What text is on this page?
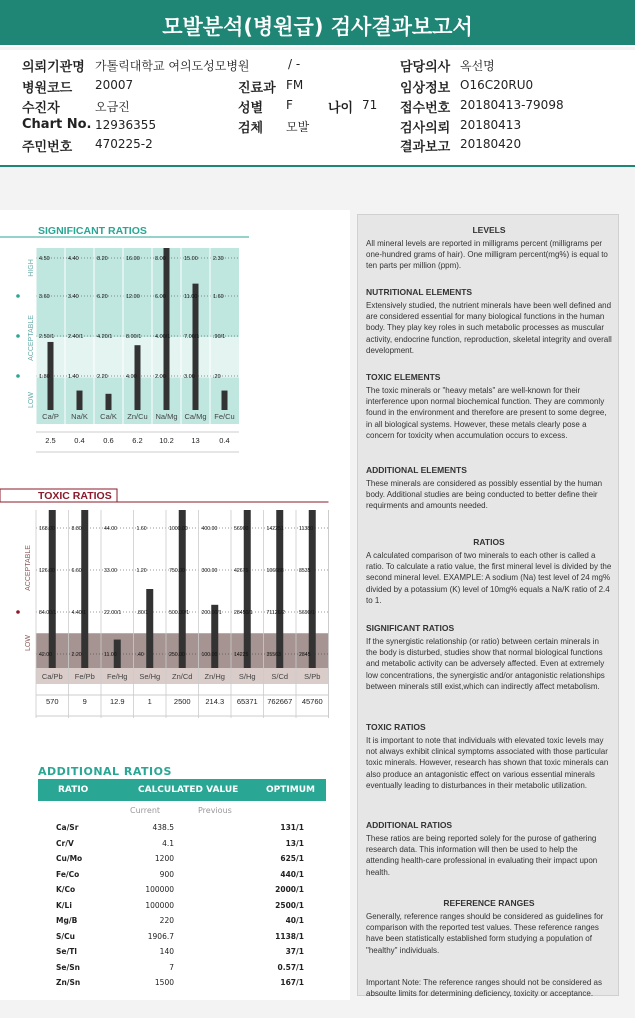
모발분석(병원급) 검사결과보고서
의뢰기관명 가톨릭대학교 여의도성모병원	/ -	담당의사 옥선명
병원코드 20007	진료과 FM	임상정보 O16C20RU0
수진자	오금진	성별 F	나이 71 접수번호 20180413-79098
Chart No. 12936355	검체 모발	검사의뢰 20180413
주민번호 470225-2	결과보고 20180420
SIGNIFICANT RATIOS
HIGH
ACCEPTABLE
LOW
4.50
3.60
2.50/1
1.80
Ca/P
2.5
4.40
3.40
2.40/1
1.40
Na/K
0.4
8.20
6.20
4.20/1
2.20
Ca/K
0.6
16.00
12.00
8.00/1
4.00
Zn/Cu
6.2
8.00
6.00
4.00/1
2.00
Na/Mg
10.2
15.00
11.00
7.00/1
3.00
Ca/Mg
13
2.30
1.60
.90/1
.20
Fe/Cu
0.4
TOXIC RATIOS
ACCEPTABLE
LOW
168.00
126.00
84.00/1
42.00
Ca/Pb
570
8.80
6.60
4.40/1
2.20
Fe/Pb
9
44.00
33.00
22.00/1
11.00
Fe/Hg
12.9
1.60
1.20
.80/1
.40
Se/Hg
1
1000.00
750.00
500.00/1
250.00
Zn/Cd
2500
400.00
300.00
200.00/1
100.00
Zn/Hg
214.3
56900
42675
28450/1
14225
S/Hg
65371
142251
106688
71126/2
35563
S/Cd
762667
11380
8535
5690/1
2845
S/Pb
45760
RATIO	CALCULATED VALUE	OPTIMUM
Current	Previous
Ca/Sr	438.5	131/1
Cr/V	4.1	13/1
Cu/Mo	1200	625/1
Fe/Co	900	440/1
K/Co	100000	2000/1
K/Li	100000	2500/1
Mg/B	220	40/1
S/Cu	1906.7	1138/1
Se/Tl	140	37/1
Se/Sn	7	0.57/1
Zn/Sn	1500	167/1
ADDITIONAL RATIOS
LEVELS
All mineral levels are reported in milligrams percent (milligrams per one-hundred grams of hair). One milligram percent(mg%) is equal to ten parts per million (ppm).
NUTRITIONAL ELEMENTS
Extensively studied, the nutrient minerals have been well defined and are considered essential for many biological functions in the human body. They play key roles in such metabolic processes as muscular activity, endocrine function, reproduction, skeletal integrity and overall development.
TOXIC ELEMENTS
The toxic minerals or "heavy metals" are well-known for their interference upon normal biochemical function. They are commonly found in the environment and therefore are present to some degree, in all biological systems. However, these metals clearly pose a concern for toxicity when accumulation occurs to excess.
ADDITIONAL ELEMENTS
These minerals are considered as possibly essential by the human body. Additional studies are being conducted to better define their requirments and amounts needed.
RATIOS
A calculated comparison of two minerals to each other is called a ratio. To calculate a ratio value, the first mineral level is divided by the second mineral level. EXAMPLE: A sodium (Na) test level of 24 mg% divided by a potassium (K) level of 10mg% equals a Na/K ratio of 2.4 to 1.
SIGNIFICANT RATIOS
If the synergistic relationship (or ratio) between certain minerals in the body is disturbed, studies show that normal biological functions and metabolic activity can be adversely affected. Even at extremely low concentrations, the synergistic and/or antagonistic relationships between minerals still exist,which can indirectly affect metabolism.
TOXIC RATIOS
It is important to note that individuals with elevated toxic levels may not always exhibit clinical symptoms associated with those particular toxic minerals. However, research has shown that toxic minerals can also produce an antagonistic effect on various essential minerals eventually leading to disturbances in their metabolic utilization.
ADDITIONAL RATIOS
These ratios are being reported solely for the purose of gathering research data. This information will then be used to help the attending health-care professional in evaluating their impact upon health.
REFERENCE RANGES
Generally, reference ranges should be considered as guidelines for comparison with the reported test values. These reference ranges have been statistically established form studying a population of "healthy" individuals.
Important Note: The reference ranges should not be considered as absoulte limits for determining deficiency, toxicity or acceptance.
